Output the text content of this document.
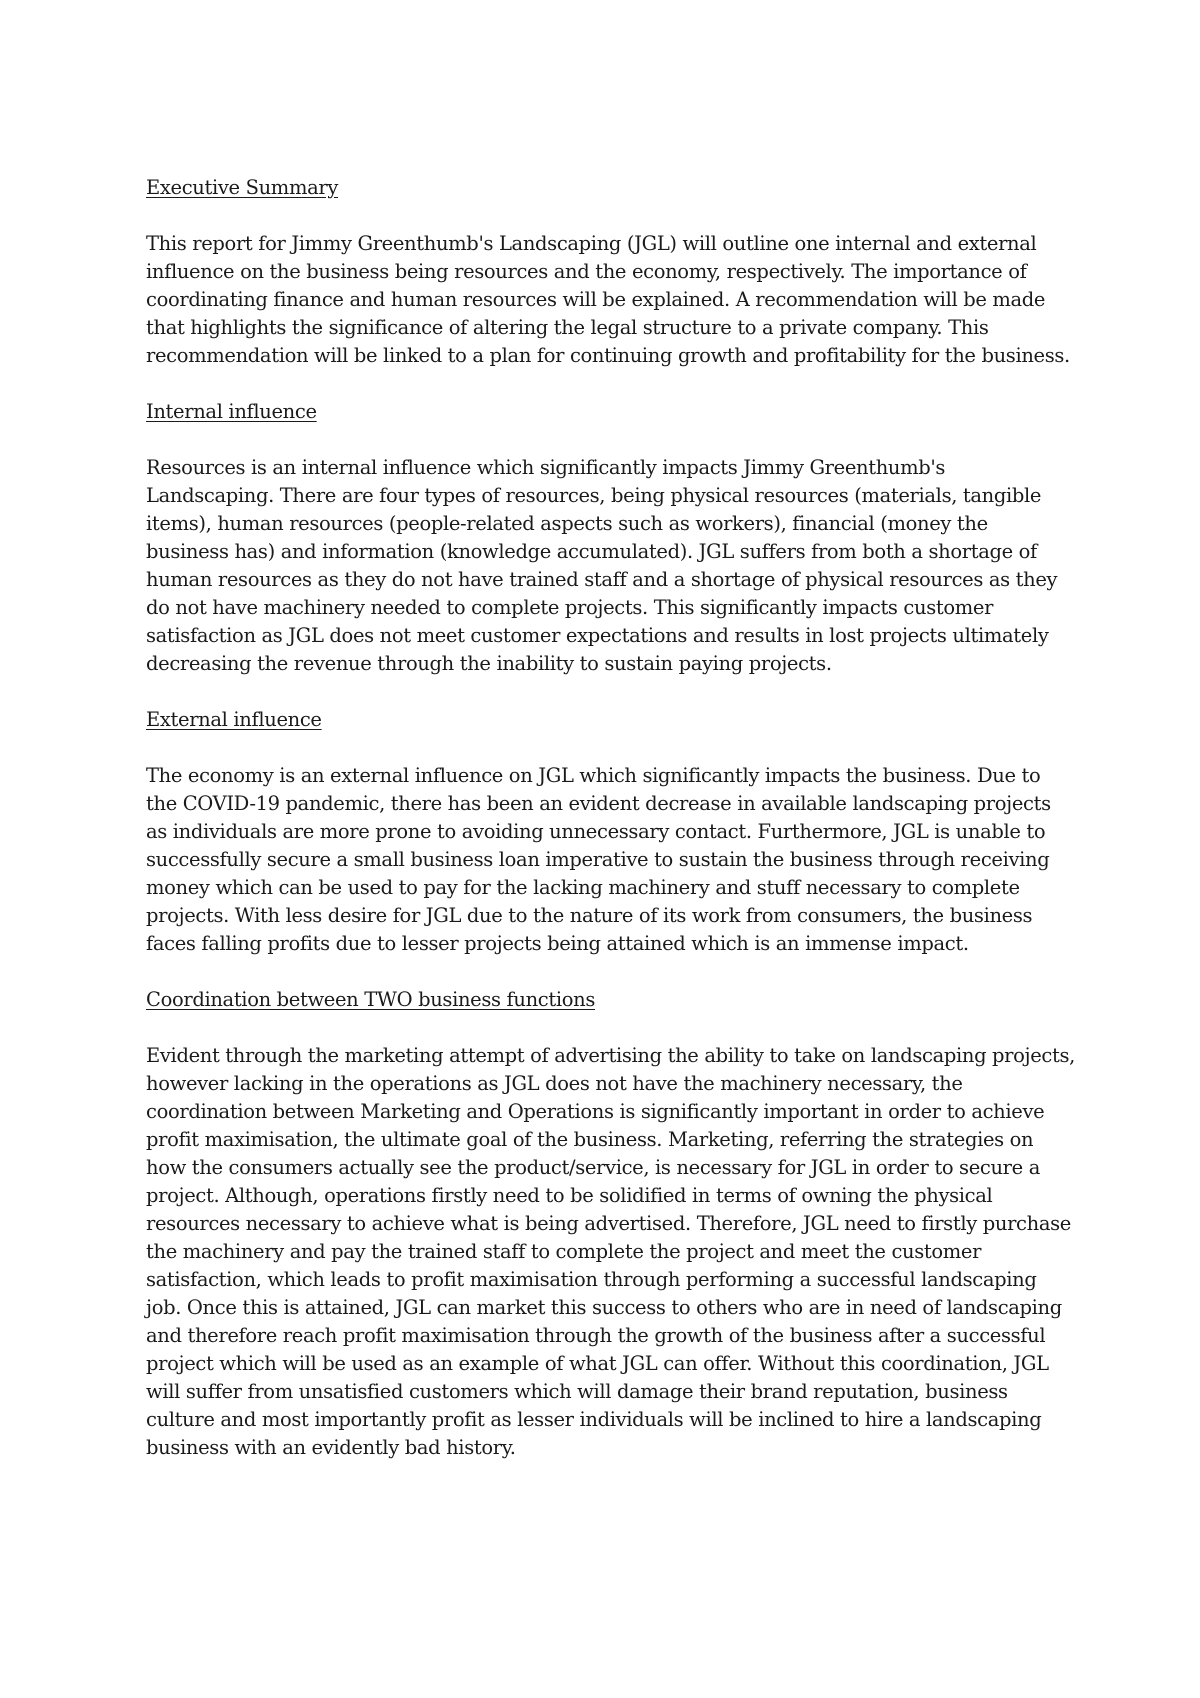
Executive Summary

This report for Jimmy Greenthumb's Landscaping (JGL) will outline one internal and external influence on the business being resources and the economy, respectively. The importance of coordinating finance and human resources will be explained. A recommendation will be made that highlights the significance of altering the legal structure to a private company. This recommendation will be linked to a plan for continuing growth and profitability for the business.

Internal influence

Resources is an internal influence which significantly impacts Jimmy Greenthumb's Landscaping. There are four types of resources, being physical resources (materials, tangible items), human resources (people-related aspects such as workers), financial (money the business has) and information (knowledge accumulated). JGL suffers from both a shortage of human resources as they do not have trained staff and a shortage of physical resources as they do not have machinery needed to complete projects. This significantly impacts customer satisfaction as JGL does not meet customer expectations and results in lost projects ultimately decreasing the revenue through the inability to sustain paying projects.

External influence

The economy is an external influence on JGL which significantly impacts the business. Due to the COVID-19 pandemic, there has been an evident decrease in available landscaping projects as individuals are more prone to avoiding unnecessary contact. Furthermore, JGL is unable to successfully secure a small business loan imperative to sustain the business through receiving money which can be used to pay for the lacking machinery and stuff necessary to complete projects. With less desire for JGL due to the nature of its work from consumers, the business faces falling profits due to lesser projects being attained which is an immense impact.

Coordination between TWO business functions

Evident through the marketing attempt of advertising the ability to take on landscaping projects, however lacking in the operations as JGL does not have the machinery necessary, the coordination between Marketing and Operations is significantly important in order to achieve profit maximisation, the ultimate goal of the business. Marketing, referring the strategies on how the consumers actually see the product/service, is necessary for JGL in order to secure a project. Although, operations firstly need to be solidified in terms of owning the physical resources necessary to achieve what is being advertised. Therefore, JGL need to firstly purchase the machinery and pay the trained staff to complete the project and meet the customer satisfaction, which leads to profit maximisation through performing a successful landscaping job. Once this is attained, JGL can market this success to others who are in need of landscaping and therefore reach profit maximisation through the growth of the business after a successful project which will be used as an example of what JGL can offer. Without this coordination, JGL will suffer from unsatisfied customers which will damage their brand reputation, business culture and most importantly profit as lesser individuals will be inclined to hire a landscaping business with an evidently bad history.
